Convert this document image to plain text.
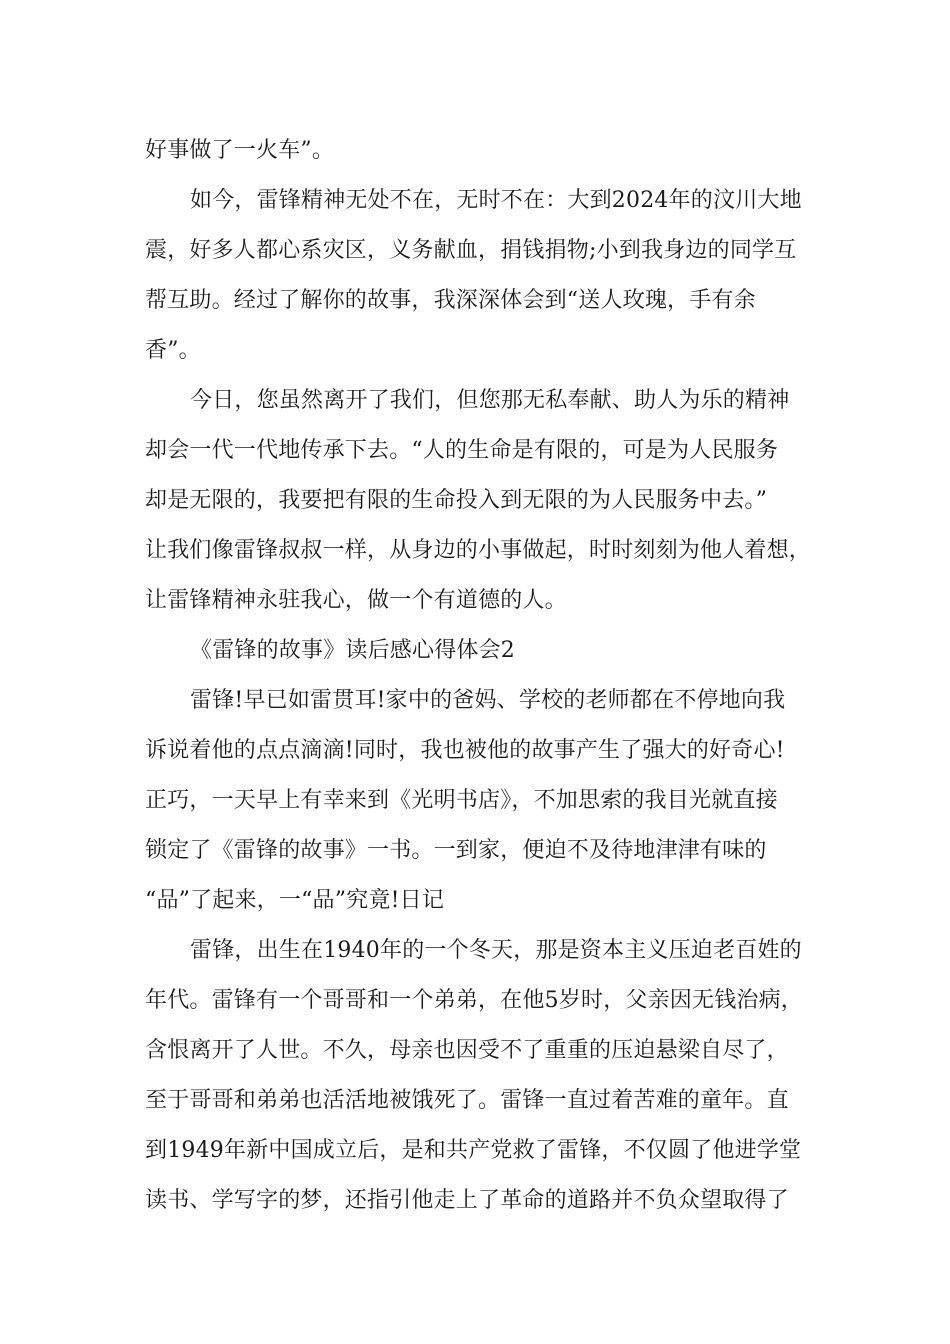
好事做了一火车”。
如今，雷锋精神无处不在，无时不在：大到2024年的汶川大地
震，好多人都心系灾区，义务献血，捐钱捐物;小到我身边的同学互
帮互助。经过了解你的故事，我深深体会到“送人玫瑰，手有余
香”。
今日，您虽然离开了我们，但您那无私奉献、助人为乐的精神
却会一代一代地传承下去。“人的生命是有限的，可是为人民服务
却是无限的，我要把有限的生命投入到无限的为人民服务中去。”
让我们像雷锋叔叔一样，从身边的小事做起，时时刻刻为他人着想，
让雷锋精神永驻我心，做一个有道德的人。
《雷锋的故事》读后感心得体会2
雷锋!早已如雷贯耳!家中的爸妈、学校的老师都在不停地向我
诉说着他的点点滴滴!同时，我也被他的故事产生了强大的好奇心!
正巧，一天早上有幸来到《光明书店》，不加思索的我目光就直接
锁定了《雷锋的故事》一书。一到家，便迫不及待地津津有味的
“品”了起来，一“品”究竟!日记
雷锋，出生在1940年的一个冬天，那是资本主义压迫老百姓的
年代。雷锋有一个哥哥和一个弟弟，在他5岁时，父亲因无钱治病，
含恨离开了人世。不久，母亲也因受不了重重的压迫悬梁自尽了，
至于哥哥和弟弟也活活地被饿死了。雷锋一直过着苦难的童年。直
到1949年新中国成立后，是和共产党救了雷锋，不仅圆了他进学堂
读书、学写字的梦，还指引他走上了革命的道路并不负众望取得了
